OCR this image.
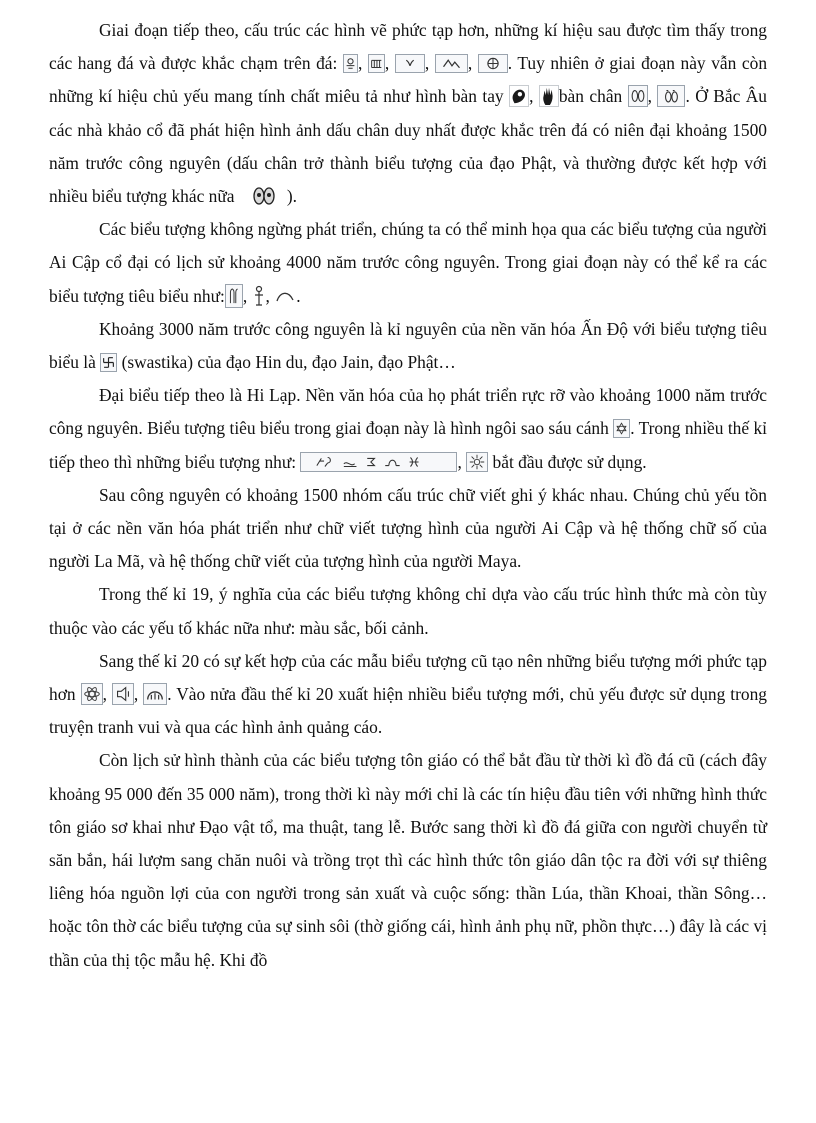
Giai đoạn tiếp theo, cấu trúc các hình vẽ phức tạp hơn, những kí hiệu sau được tìm thấy trong các hang đá và được khắc chạm trên đá: ,
,
,
,
. Tuy nhiên ở giai đoạn này vẫn còn những kí hiệu chủ yếu mang tính chất miêu tả như hình bàn tay ,
bàn chân ,
. Ở Bắc Âu các nhà khảo cổ đã phát hiện hình ảnh dấu chân duy nhất được khắc trên đá có niên đại khoảng 1500 năm trước công nguyên (dấu chân trở thành biểu tượng của đạo Phật, và thường được kết hợp với nhiều biểu tượng khác nữa	).

Các biểu tượng không ngừng phát triển, chúng ta có thể minh họa qua các biểu tượng của người Ai Cập cổ đại có lịch sử khoảng 4000 năm trước công nguyên. Trong giai đoạn này có thể kể ra các biểu tượng tiêu biểu như: ,
,
.

Khoảng 3000 năm trước công nguyên là kỉ nguyên của nền văn hóa Ấn Độ với biểu tượng tiêu biểu là (swastika) của đạo Hin du, đạo Jain, đạo Phật…

Đại biểu tiếp theo là Hi Lạp. Nền văn hóa của họ phát triển rực rỡ vào khoảng 1000 năm trước công nguyên. Biểu tượng tiêu biểu trong giai đoạn này là hình ngôi sao sáu cánh . Trong nhiều thế kỉ tiếp theo thì những biểu tượng như:	,
bắt đầu được sử dụng.

Sau công nguyên có khoảng 1500 nhóm cấu trúc chữ viết ghi ý khác nhau. Chúng chủ yếu tồn tại ở các nền văn hóa phát triển như chữ viết tượng hình của người Ai Cập và hệ thống chữ số của người La Mã, và hệ thống chữ viết của tượng hình của người Maya.

Trong thế kỉ 19, ý nghĩa của các biểu tượng không chỉ dựa vào cấu trúc hình thức mà còn tùy thuộc vào các yếu tố khác nữa như: màu sắc, bối cảnh.

Sang thế kỉ 20 có sự kết hợp của các mẫu biểu tượng cũ tạo nên những biểu tượng mới phức tạp hơn ,
,
. Vào nửa đầu thế kỉ 20 xuất hiện nhiều biểu tượng mới, chủ yếu được sử dụng trong truyện tranh vui và qua các hình ảnh quảng cáo.

Còn lịch sử hình thành của các biểu tượng tôn giáo có thể bắt đầu từ thời kì đồ đá cũ (cách đây khoảng 95 000 đến 35 000 năm), trong thời kì này mới chỉ là các tín hiệu đầu tiên với những hình thức tôn giáo sơ khai như Đạo vật tổ, ma thuật, tang lễ. Bước sang thời kì đồ đá giữa con người chuyển từ săn bắn, hái lượm sang chăn nuôi và trồng trọt thì các hình thức tôn giáo dân tộc ra đời với sự thiêng liêng hóa nguồn lợi của con người trong sản xuất và cuộc sống: thần Lúa, thần Khoai, thần Sông…hoặc tôn thờ các biểu tượng của sự sinh sôi (thờ giống cái, hình ảnh phụ nữ, phồn thực…) đây là các vị thần của thị tộc mẫu hệ. Khi đồ
